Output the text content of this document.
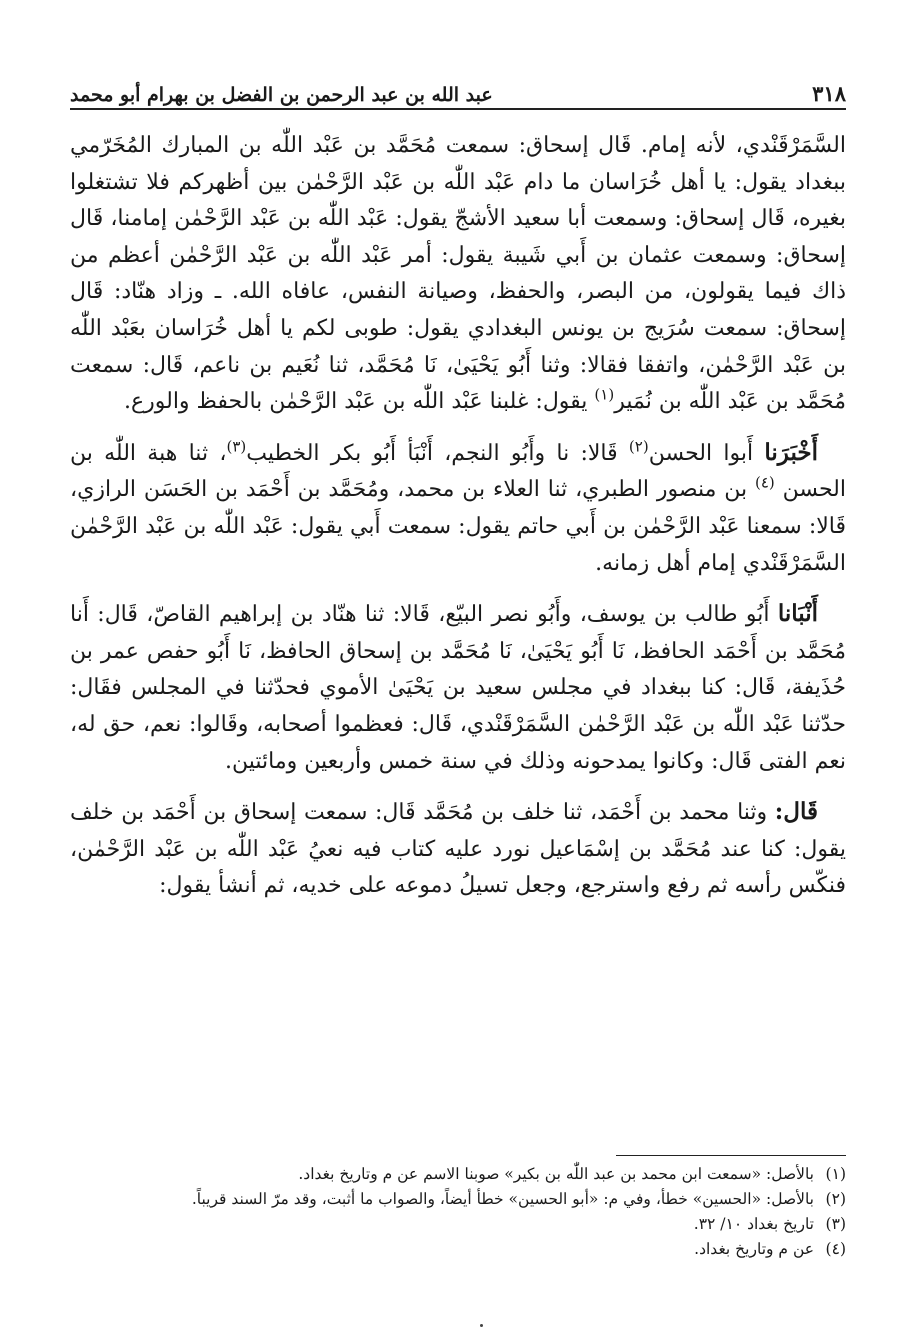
٣١٨
عبد الله بن عبد الرحمن بن الفضل بن بهرام أبو محمد

السَّمَرْقَنْدي، لأنه إمام. قَال إسحاق: سمعت مُحَمَّد بن عَبْد اللّٰه بن المبارك المُخَرّمي ببغداد يقول: يا أهل خُرَاسان ما دام عَبْد اللّٰه بن عَبْد الرَّحْمٰن بين أظهركم فلا تشتغلوا بغيره، قَال إسحاق: وسمعت أبا سعيد الأشجّ يقول: عَبْد اللّٰه بن عَبْد الرَّحْمٰن إمامنا، قَال إسحاق: وسمعت عثمان بن أَبي شَيبة يقول: أمر عَبْد اللّٰه بن عَبْد الرَّحْمٰن أعظم من ذاك فيما يقولون، من البصر، والحفظ، وصيانة النفس، عافاه الله. ـ وزاد هنّاد: قَال إسحاق: سمعت سُرَيج بن يونس البغدادي يقول: طوبى لكم يا أهل خُرَاسان بعَبْد اللّٰه بن عَبْد الرَّحْمٰن، واتفقا فقالا: وثنا أَبُو يَحْيَىٰ، نَا مُحَمَّد، ثنا نُعَيم بن ناعم، قَال: سمعت مُحَمَّد بن عَبْد اللّٰه بن نُمَير$^{(١)}$ يقول: غلبنا عَبْد اللّٰه بن عَبْد الرَّحْمٰن بالحفظ والورع.

أَخْبَرَنا أَبوا الحسن$^{(٢)}$ قَالا: نا وأَبُو النجم، أَنْبَأ أَبُو بكر الخطيب$^{(٣)}$، ثنا هبة اللّٰه بن الحسن $^{(٤)}$ بن منصور الطبري، ثنا العلاء بن محمد، ومُحَمَّد بن أَحْمَد بن الحَسَن الرازي، قَالا: سمعنا عَبْد الرَّحْمٰن بن أَبي حاتم يقول: سمعت أَبي يقول: عَبْد اللّٰه بن عَبْد الرَّحْمٰن السَّمَرْقَنْدي إمام أهل زمانه.

أَنْبَانا أَبُو طالب بن يوسف، وأَبُو نصر البيّع، قَالا: ثنا هنّاد بن إبراهيم القاصّ، قَال: أَنا مُحَمَّد بن أَحْمَد الحافظ، نَا أَبُو يَحْيَىٰ، نَا مُحَمَّد بن إسحاق الحافظ، نَا أَبُو حفص عمر بن حُذَيفة، قَال: كنا ببغداد في مجلس سعيد بن يَحْيَىٰ الأموي فحدّثنا في المجلس فقَال: حدّثنا عَبْد اللّٰه بن عَبْد الرَّحْمٰن السَّمَرْقَنْدي، قَال: فعظموا أصحابه، وقَالوا: نعم، حق له، نعم الفتى قَال: وكانوا يمدحونه وذلك في سنة خمس وأربعين ومائتين.

قَال: وثنا محمد بن أَحْمَد، ثنا خلف بن مُحَمَّد قَال: سمعت إسحاق بن أَحْمَد بن خلف يقول: كنا عند مُحَمَّد بن إسْمَاعيل نورد عليه كتاب فيه نعيُ عَبْد اللّٰه بن عَبْد الرَّحْمٰن، فنكّس رأسه ثم رفع واسترجع، وجعل تسيلُ دموعه على خديه، ثم أنشأ يقول:

(١)
بالأصل: «سمعت ابن محمد بن عبد اللّٰه بن بكير» صوبنا الاسم عن م وتاريخ بغداد.
(٢)
بالأصل: «الحسين» خطأ، وفي م: «أبو الحسين» خطأ أيضاً، والصواب ما أثبت، وقد مرّ السند قريباً.
(٣)
تاريخ بغداد ١٠/ ٣٢.
(٤)
عن م وتاريخ بغداد.
